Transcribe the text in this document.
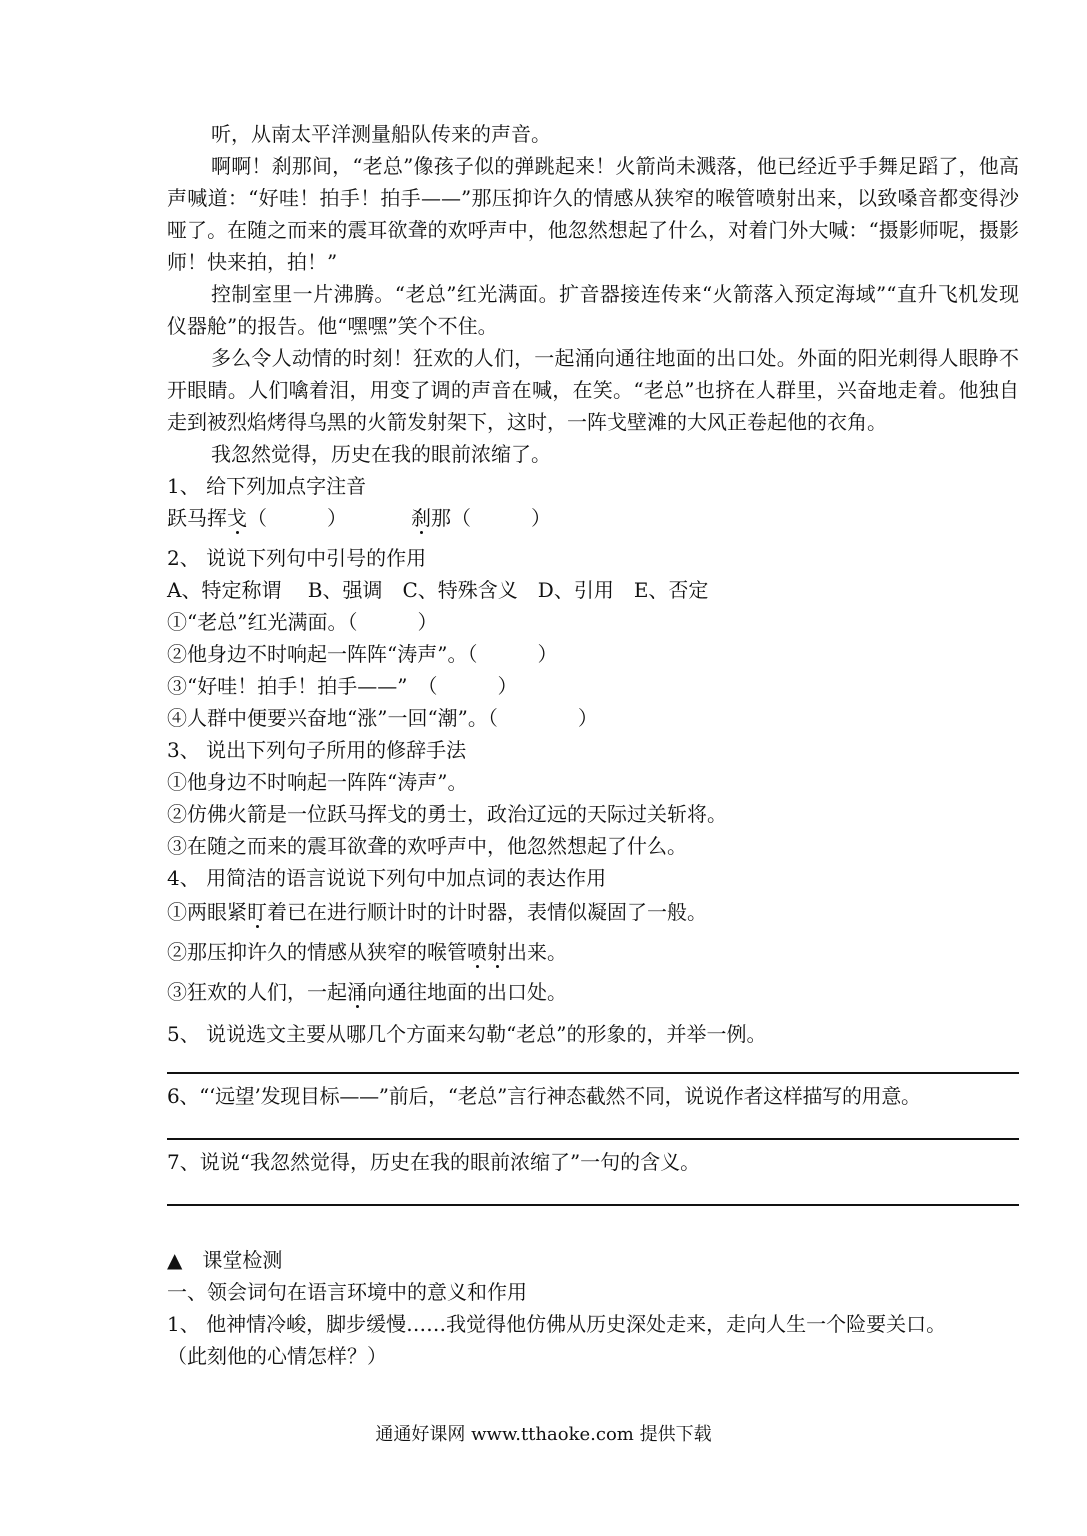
听，从南太平洋测量船队传来的声音。
啊啊！刹那间，“老总”像孩子似的弹跳起来！火箭尚未溅落，他已经近乎手舞足蹈了，他高声喊道：“好哇！拍手！拍手——”那压抑许久的情感从狭窄的喉管喷射出来，以致嗓音都变得沙哑了。在随之而来的震耳欲聋的欢呼声中，他忽然想起了什么，对着门外大喊：“摄影师呢，摄影师！快来拍，拍！”
控制室里一片沸腾。“老总”红光满面。扩音器接连传来“火箭落入预定海域”“直升飞机发现仪器舱”的报告。他“嘿嘿”笑个不住。
多么令人动情的时刻！狂欢的人们，一起涌向通往地面的出口处。外面的阳光刺得人眼睁不开眼睛。人们噙着泪，用变了调的声音在喊，在笑。“老总”也挤在人群里，兴奋地走着。他独自走到被烈焰烤得乌黑的火箭发射架下，这时，一阵戈壁滩的大风正卷起他的衣角。
我忽然觉得，历史在我的眼前浓缩了。
1、 给下列加点字注音
跃马挥戈（　　　）	刹那（　　　）
2、 说说下列句中引号的作用
A、特定称谓　 B、强调　C、特殊含义　D、引用　E、否定
①“老总”红光满面。（　　　）
②他身边不时响起一阵阵“涛声”。（　　　）
③“好哇！拍手！拍手——”　（　　　）
④人群中便要兴奋地“涨”一回“潮”。（　　　　）
3、 说出下列句子所用的修辞手法
①他身边不时响起一阵阵“涛声”。
②仿佛火箭是一位跃马挥戈的勇士，政治辽远的天际过关斩将。
③在随之而来的震耳欲聋的欢呼声中，他忽然想起了什么。
4、 用简洁的语言说说下列句中加点词的表达作用
①两眼紧盯着已在进行顺计时的计时器，表情似凝固了一般。
②那压抑许久的情感从狭窄的喉管喷射出来。
③狂欢的人们，一起涌向通往地面的出口处。
5、 说说选文主要从哪几个方面来勾勒“老总”的形象的，并举一例。
6、“‘远望’发现目标——”前后，“老总”言行神态截然不同，说说作者这样描写的用意。
7、说说“我忽然觉得，历史在我的眼前浓缩了”一句的含义。
▲　课堂检测
一、领会词句在语言环境中的意义和作用
1、 他神情冷峻，脚步缓慢……我觉得他仿佛从历史深处走来，走向人生一个险要关口。
（此刻他的心情怎样？）
通通好课网 www.tthaoke.com 提供下载
